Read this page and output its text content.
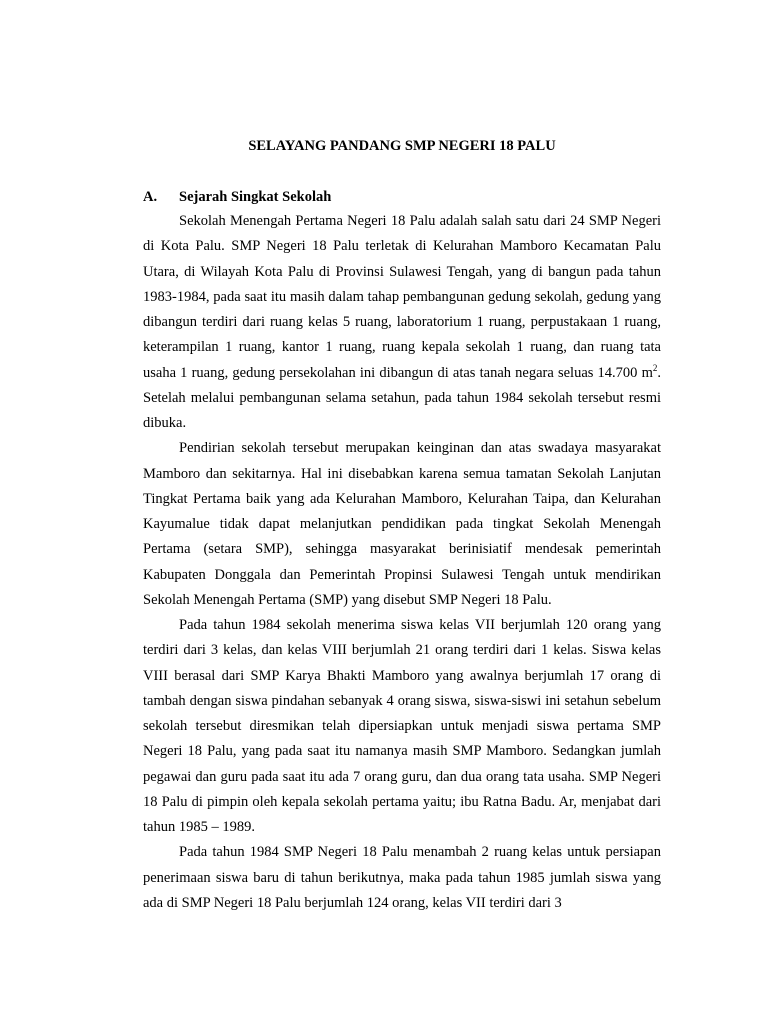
SELAYANG PANDANG SMP NEGERI 18 PALU
A. Sejarah Singkat Sekolah

Sekolah Menengah Pertama Negeri 18 Palu adalah salah satu dari 24 SMP Negeri di Kota Palu. SMP Negeri 18 Palu terletak di Kelurahan Mamboro Kecamatan Palu Utara, di Wilayah Kota Palu di Provinsi Sulawesi Tengah, yang di bangun pada tahun 1983-1984, pada saat itu masih dalam tahap pembangunan gedung sekolah, gedung yang dibangun terdiri dari ruang kelas 5 ruang, laboratorium 1 ruang, perpustakaan 1 ruang, keterampilan 1 ruang, kantor 1 ruang, ruang kepala sekolah 1 ruang, dan ruang tata usaha 1 ruang, gedung persekolahan ini dibangun di atas tanah negara seluas 14.700 $m^2$. Setelah melalui pembangunan selama setahun, pada tahun 1984 sekolah tersebut resmi dibuka.

Pendirian sekolah tersebut merupakan keinginan dan atas swadaya masyarakat Mamboro dan sekitarnya. Hal ini disebabkan karena semua tamatan Sekolah Lanjutan Tingkat Pertama baik yang ada Kelurahan Mamboro, Kelurahan Taipa, dan Kelurahan Kayumalue tidak dapat melanjutkan pendidikan pada tingkat Sekolah Menengah Pertama (setara SMP), sehingga masyarakat berinisiatif mendesak pemerintah Kabupaten Donggala dan Pemerintah Propinsi Sulawesi Tengah untuk mendirikan Sekolah Menengah Pertama (SMP) yang disebut SMP Negeri 18 Palu.

Pada tahun 1984 sekolah menerima siswa kelas VII berjumlah 120 orang yang terdiri dari 3 kelas, dan kelas VIII berjumlah 21 orang terdiri dari 1 kelas. Siswa kelas VIII berasal dari SMP Karya Bhakti Mamboro yang awalnya berjumlah 17 orang di tambah dengan siswa pindahan sebanyak 4 orang siswa, siswa-siswi ini setahun sebelum sekolah tersebut diresmikan telah dipersiapkan untuk menjadi siswa pertama SMP Negeri 18 Palu, yang pada saat itu namanya masih SMP Mamboro. Sedangkan jumlah pegawai dan guru pada saat itu ada 7 orang guru, dan dua orang tata usaha. SMP Negeri 18 Palu di pimpin oleh kepala sekolah pertama yaitu; ibu Ratna Badu. Ar, menjabat dari tahun 1985 – 1989.

Pada tahun 1984 SMP Negeri 18 Palu menambah 2 ruang kelas untuk persiapan penerimaan siswa baru di tahun berikutnya, maka pada tahun 1985 jumlah siswa yang ada di SMP Negeri 18 Palu berjumlah 124 orang, kelas VII terdiri dari 3
